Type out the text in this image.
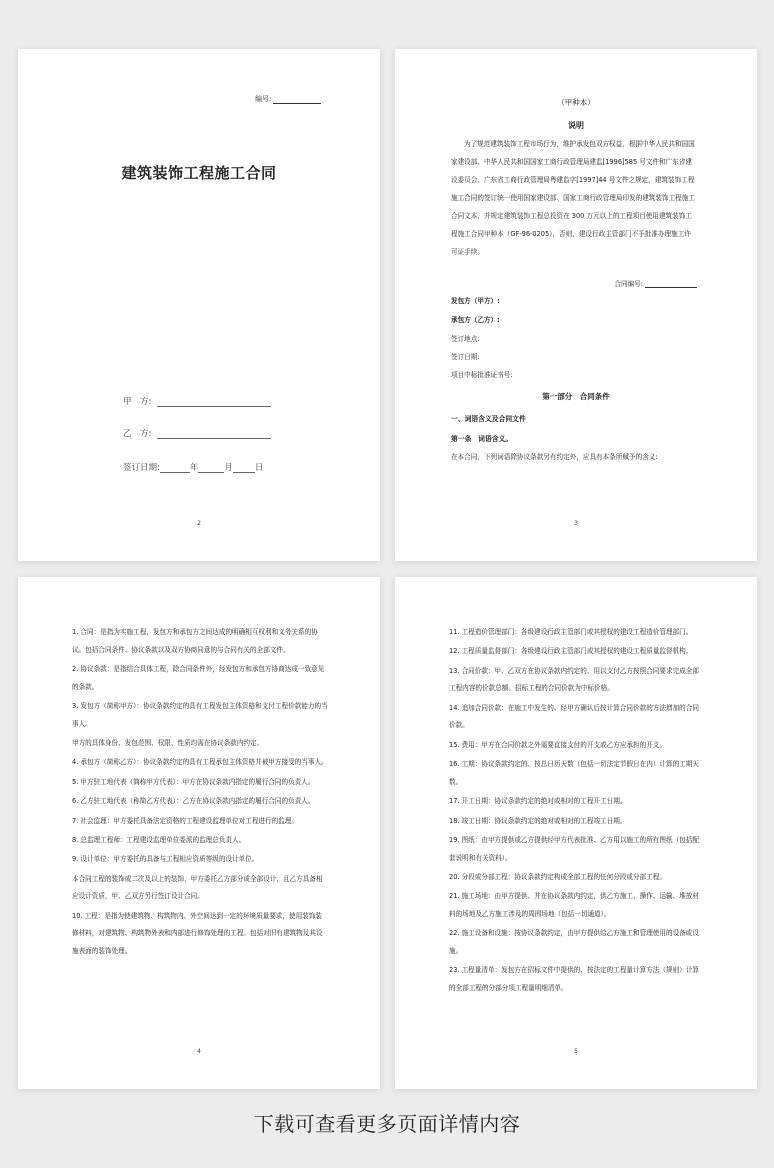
编号:
建筑装饰工程施工合同
甲　方:
乙　方:
签订日期:	年	月	日
2
（甲种本）
说明
为了规范建筑装饰工程市场行为，维护承发包双方权益，根据中华人民共和国国家建设部、中华人民共和国国家工商行政管理局建监[1996]585 号文件和广东省建设委员会、广东省工商行政管理局粤建监字[1997]44 号文件之规定，建筑装饰工程施工合同的签订统一使用国家建设部、国家工商行政管理局印发的建筑装饰工程施工合同文本，并规定建筑装饰工程总投资在 300 万元以上的工程项目使用建筑装饰工程施工合同甲种本（GF-96-0205），否则，建设行政主管部门不予批准办理施工许可证手续。
合同编号:
发包方（甲方）:
承包方（乙方）:
签订地点:
签订日期:
项目中标批准证书号:
第一部分　合同条件
一、词语含义及合同文件
第一条　词语含义。
在本合同，下列词语除协议条款另有约定外，应具有本条所赋予的含义:
3

1. 合同：是指为实施工程，发包方和承包方之间达成的明确相互权利和义务关系的协议。包括合同条件、协议条款以及双方协商同意的与合同有关的全部文件。

2. 协议条款：是指结合具体工程，除合同条件外，经发包方和承包方协商达成一致意见的条款。

3. 发包方（简称甲方）：协议条款约定的具有工程发包主体资格和支付工程价款能力的当事人。

甲方的具体身份、发包范围、权限、性质均需在协议条款内约定。

4. 承包方（简称乙方）：协议条款约定的具有工程承包主体资格并被甲方接受的当事人。

5. 甲方驻工地代表（简称甲方代表）：甲方在协议条款内指定的履行合同的负责人。

6. 乙方驻工地代表（称简乙方代表）：乙方在协议条款内指定的履行合同的负责人。

7. 社会监理：甲方委托具备法定资格的工程建设监理单位对工程进行的监理。

8. 总监理工程师：工程建设监理单位委派的监理总负责人。

9. 设计单位：甲方委托的具备与工程相应资质等级的设计单位。

本合同工程的装饰或二次及以上的装饰，甲方委托乙方部分或全部设计，且乙方具备相应设计资质，甲、乙双方另行签订设计合同。

10. 工程：是指为使建筑物、构筑物内、外空间达到一定的环境质量要求，使用装饰装修材料，对建筑物、构筑物外表和内部进行修饰处理的工程。包括对旧有建筑物及其设施表面的装饰处理。

4

11. 工程造价管理部门：各级建设行政主管部门或其授权的建设工程造价管理部门。

12. 工程质量监督部门：各级建设行政主管部门或其授权的建设工程质量监督机构。

13. 合同价款：甲、乙双方在协议条款内约定的、用以支付乙方按照合同要求完成全部工程内容的价款总额。招标工程的合同价款为中标价格。

14. 追加合同价款：在施工中发生的、经甲方确认后按计算合同价款的方法增加的合同价款。

15. 费用：甲方在合同价款之外需要直接支付的开支或乙方应承担的开支。

16. 工期：协议条款约定的、按总日历天数（包括一切法定节假日在内）计算的工期天数。

17. 开工日期：协议条款约定的绝对或相对的工程开工日期。

18. 竣工日期：协议条款约定的绝对或相对的工程竣工日期。

19. 图纸：由甲方提供或乙方提供经甲方代表批准、乙方用以施工的所有图纸（包括配套说明和有关资料）。

20. 分段或分部工程：协议条款约定构成全部工程的任何分段或分部工程。

21. 施工场地：由甲方提供、并在协议条款内约定，供乙方施工、操作、运输、堆放材料的场地及乙方施工涉及的周围场地（包括一切通道）。

22. 施工设备和设施：按协议条款约定，由甲方提供给乙方施工和管理使用的设备或设施。

23. 工程量清单：发包方在招标文件中提供的、按法定的工程量计算方法（规则）计算的全部工程的分部分项工程量明细清单。

5
下载可查看更多页面详情内容
